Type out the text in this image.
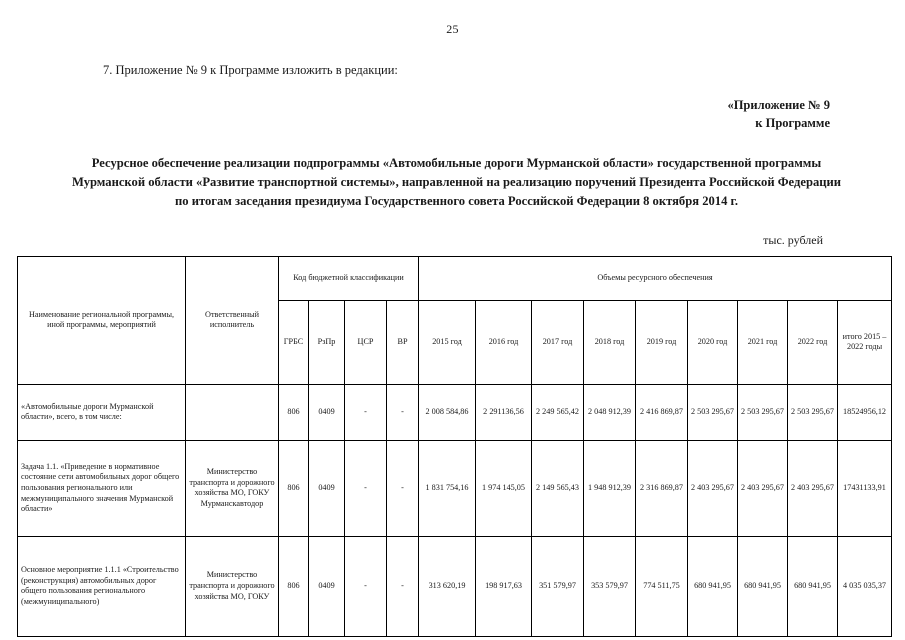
25
7. Приложение № 9 к Программе изложить в редакции:
«Приложение № 9
к Программе
Ресурсное обеспечение реализации подпрограммы «Автомобильные дороги Мурманской области» государственной программы Мурманской области «Развитие транспортной системы», направленной на реализацию поручений Президента Российской Федерации по итогам заседания президиума Государственного совета Российской Федерации 8 октября 2014 г.
тыс. рублей
Наименование региональной программы, иной программы, мероприятий	Ответственный исполнитель	Код бюджетной классификации				Объемы ресурсного обеспечения								
		ГРБС	РзПр	ЦСР	ВР	2015 год	2016 год	2017 год	2018 год	2019 год	2020 год	2021 год	2022 год	итого 2015 – 2022 годы

«Автомобильные дороги Мурманской области», всего, в том числе:		806	0409	-	-	2 008 584,86	2 291136,56	2 249 565,42	2 048 912,39	2 416 869,87	2 503 295,67	2 503 295,67	2 503 295,67	18524956,12
Задача 1.1. «Приведение в нормативное состояние сети автомобильных дорог общего пользования регионального или межмуниципального значения Мурманской области»	Министерство транспорта и дорожного хозяйства МО, ГОКУ Мурманскавтодор	806	0409	-	-	1 831 754,16	1 974 145,05	2 149 565,43	1 948 912,39	2 316 869,87	2 403 295,67	2 403 295,67	2 403 295,67	17431133,91
Основное мероприятие 1.1.1 «Строительство (реконструкция) автомобильных дорог общего пользования регионального (межмуниципального)	Министерство транспорта и дорожного хозяйства МО, ГОКУ	806	0409	-	-	313 620,19	198 917,63	351 579,97	353 579,97	774 511,75	680 941,95	680 941,95	680 941,95	4 035 035,37
